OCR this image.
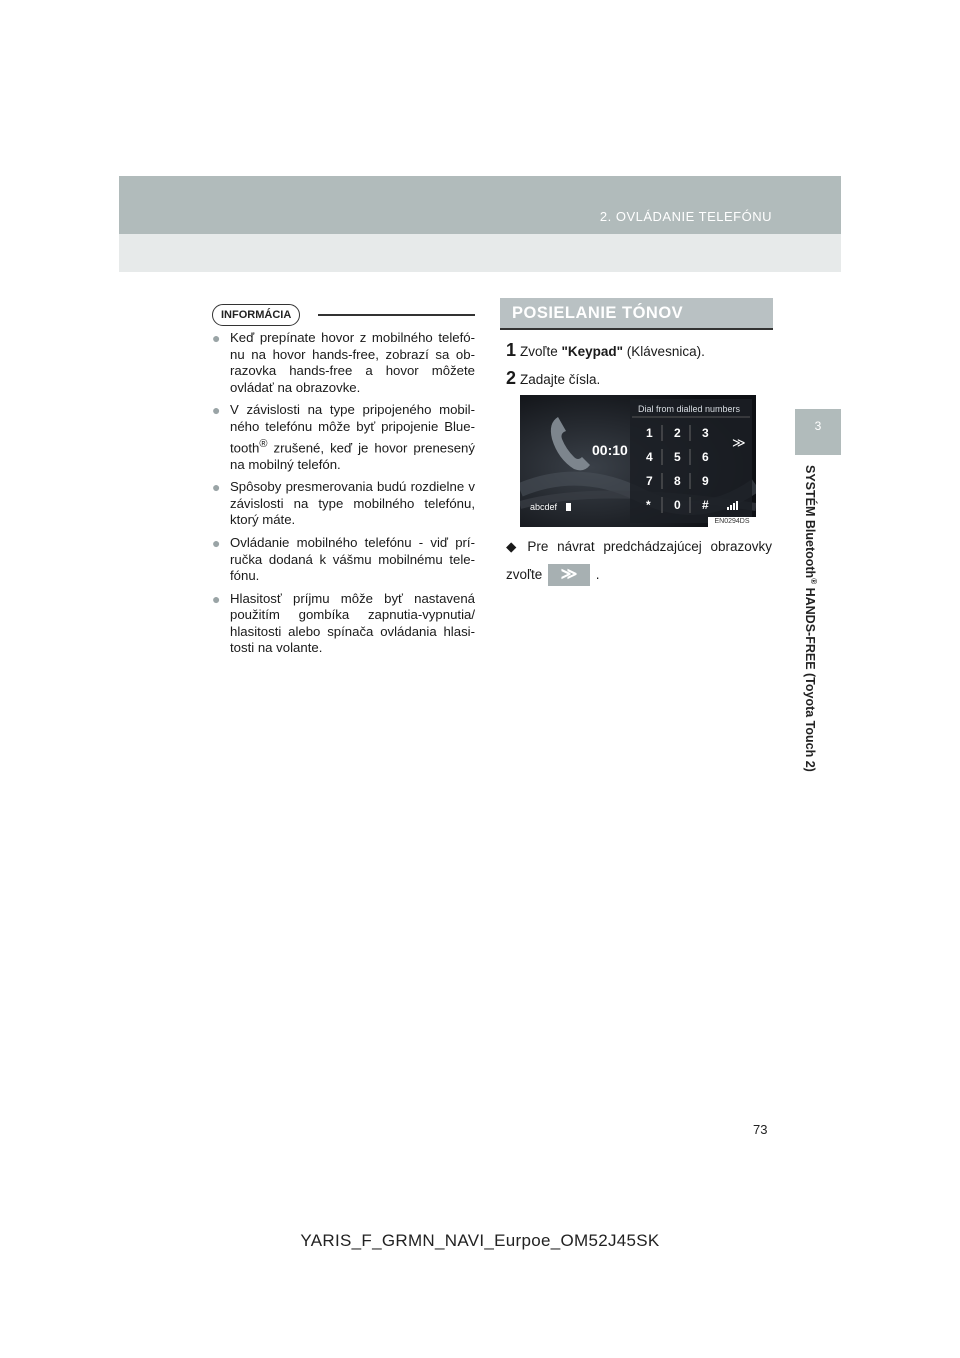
2. OVLÁDANIE TELEFÓNU
3
SYSTÉM Bluetooth® HANDS-FREE (Toyota Touch 2)
INFORMÁCIA
● Keď prepínate hovor z mobilného telefó-nu na hovor hands-free, zobrazí sa ob-razovka hands-free a hovor môžete ovládať na obrazovke.
● V závislosti na type pripojeného mobil-ného telefónu môže byť pripojenie Blue-tooth® zrušené, keď je hovor prenesený na mobilný telefón.
● Spôsoby presmerovania budú rozdielne v závislosti na type mobilného telefónu, ktorý máte.
● Ovládanie mobilného telefónu - viď prí-ručka dodaná k vášmu mobilnému tele-fónu.
● Hlasitosť príjmu môže byť nastavená použitím gombíka zapnutia-vypnutia/ hlasitosti alebo spínača ovládania hlasi-tosti na volante.
POSIELANIE TÓNOV
1 Zvoľte "Keypad" (Klávesnica).
2 Zadajte čísla.
00:10
Dial from dialled numbers
1 2 3
4 5 6
7 8 9
* 0 #
≫
abcdef
EN0294DS
◆ Pre návrat predchádzajúcej obrazovky zvoľte ≫ .
73
YARIS_F_GRMN_NAVI_Eurpoe_OM52J45SK
